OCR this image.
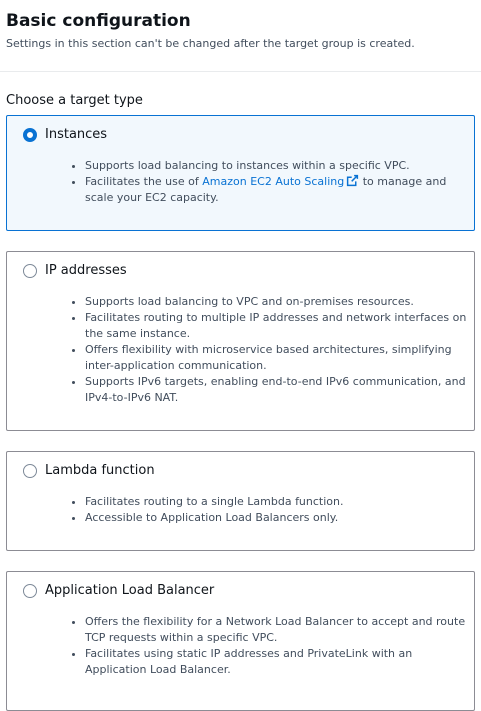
Basic configuration
Settings in this section can't be changed after the target group is created.
Choose a target type
Instances
• Supports load balancing to instances within a specific VPC.
• Facilitates the use of Amazon EC2 Auto Scaling to manage and scale your EC2 capacity.
IP addresses
• Supports load balancing to VPC and on-premises resources.
• Facilitates routing to multiple IP addresses and network interfaces on the same instance.
• Offers flexibility with microservice based architectures, simplifying inter-application communication.
• Supports IPv6 targets, enabling end-to-end IPv6 communication, and IPv4-to-IPv6 NAT.
Lambda function
• Facilitates routing to a single Lambda function.
• Accessible to Application Load Balancers only.
Application Load Balancer
• Offers the flexibility for a Network Load Balancer to accept and route TCP requests within a specific VPC.
• Facilitates using static IP addresses and PrivateLink with an Application Load Balancer.
